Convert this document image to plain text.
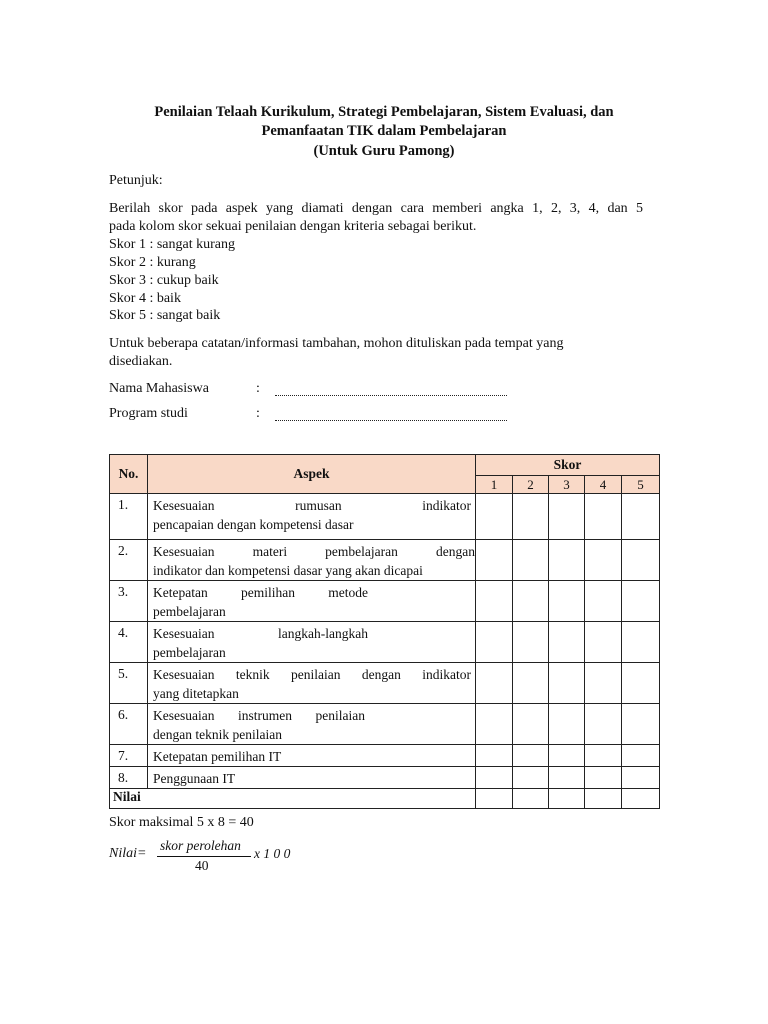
Penilaian Telaah Kurikulum, Strategi Pembelajaran, Sistem Evaluasi, dan
Pemanfaatan TIK dalam Pembelajaran
(Untuk Guru Pamong)
Petunjuk:
Berilah skor pada aspek yang diamati dengan cara memberi angka 1, 2, 3, 4, dan 5
pada kolom skor sekuai penilaian dengan kriteria sebagai berikut.
Skor 1 : sangat kurang
Skor 2 : kurang
Skor 3 : cukup baik
Skor 4 : baik
Skor 5 : sangat baik
Untuk beberapa catatan/informasi tambahan, mohon dituliskan pada tempat yang
disediakan.
Nama Mahasiswa	:
Program studi	:
No.	Aspek	Skor				
		1	2	3	4	5
1.	Kesesuaian rumusan indikator
pencapaian dengan kompetensi dasar					

2.	Kesesuaian materi pembelajaran dengan
indikator dan kompetensi dasar yang akan dicapai					

3.	Ketepatan pemilihan metode
pembelajaran					

4.	Kesesuaian langkah-langkah
pembelajaran					

5.	Kesesuaian teknik penilaian dengan indikator
yang ditetapkan					

6.	Kesesuaian instrumen penilaian
dengan teknik penilaian					

7.	Ketepatan pemilihan IT					
8.	Penggunaan IT					
Nilai						
Skor maksimal 5 x 8 = 40
Nilai=
skor perolehan
40
x 1 0 0
